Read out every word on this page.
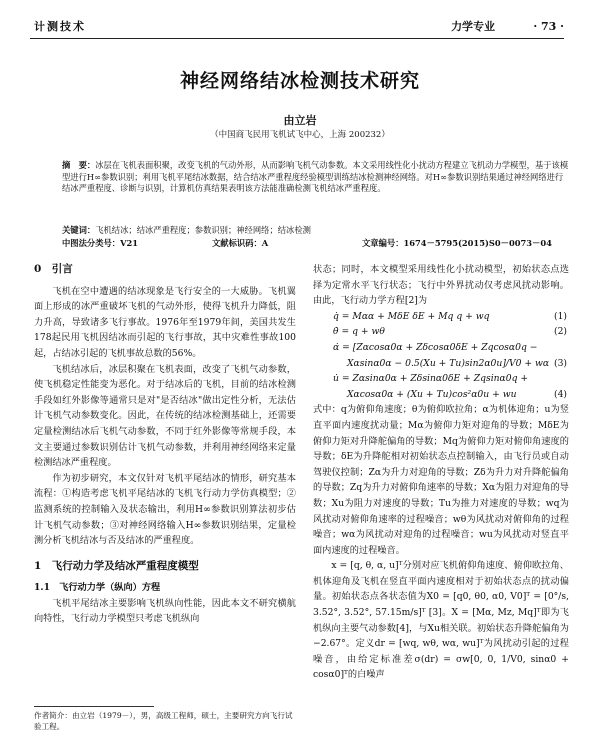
计测技术	力学专业	· 73 ·
神经网络结冰检测技术研究
由立岩
（中国商飞民用飞机试飞中心，上海 200232）
摘　要：冰层在飞机表面积聚，改变飞机的气动外形，从而影响飞机气动参数。本文采用线性化小扰动方程建立飞机动力学模型，基于该模型进行H∞参数识别；利用飞机平尾结冰数据，结合结冰严重程度经验模型训练结冰检测神经网络。对H∞参数识别结果通过神经网络进行结冰严重程度、诊断与识别，计算机仿真结果表明该方法能准确检测飞机结冰严重程度。
关键词：飞机结冰；结冰严重程度；参数识别；神经网络；结冰检测
中图法分类号：V21	文献标识码：A	文章编号：1674－5795(2015)S0－0073－04
0　引言

飞机在空中遭遇的结冰现象是飞行安全的一大威胁。飞机翼面上形成的冰严重破坏飞机的气动外形，使得飞机升力降低，阻力升高，导致诸多飞行事故。1976年至1979年间，美国共发生178起民用飞机因结冰而引起的飞行事故，其中灾难性事故100起，占结冰引起的飞机事故总数的56%。

飞机结冰后，冰层积聚在飞机表面，改变了飞机气动参数，使飞机稳定性能变为恶化。对于结冰后的飞机，目前的结冰检测手段如红外影像等通常只是对"是否结冰"做出定性分析，无法估计飞机气动参数变化。因此，在传统的结冰检测基础上，还需要定量检测结冰后飞机气动参数，不同于红外影像等常规手段，本文主要通过参数识别估计飞机气动参数，并利用神经网络来定量检测结冰严重程度。

作为初步研究，本文仅针对飞机平尾结冰的情形，研究基本流程：①构造考虑飞机平尾结冰的飞机飞行动力学仿真模型；②监测系统的控制输入及状态输出，利用H∞参数识别算法初步估计飞机气动参数；③对神经网络输入H∞参数识别结果，定量检测分析飞机结冰与否及结冰的严重程度。

1　飞行动力学及结冰严重程度模型
1.1　飞行动力学（纵向）方程

飞机平尾结冰主要影响飞机纵向性能，因此本文不研究横航向特性，飞行动力学模型只考虑飞机纵向

状态；同时，本文模型采用线性化小扰动模型，初始状态点选择为定常水平飞行状态；飞行中外界扰动仅考虑风扰动影响。由此，飞行动力学方程[2]为

q̇ = Mαα + MδE δE + Mq q + wq	(1)
θ̇ = q + wθ	(2)
α̇ = [Zαcosα0α + Zδcosα0δE + Zqcosα0q −
Xαsinα0α − 0.5(Xu + Tu)sin2α0u]/V0 + wα (3)
u̇ = Zαsinα0α + Zδsinα0δE + Zqsinα0q +
Xαcosα0α + (Xu + Tu)cos²α0u + wu	(4)

式中：q为俯仰角速度；θ为俯仰欧拉角；α为机体迎角；u为竖直平面内速度扰动量；Mα为俯仰力矩对迎角的导数；MδE为俯仰力矩对升降舵偏角的导数；Mq为俯仰力矩对俯仰角速度的导数；δE为升降舵相对初始状态点控制输入，由飞行员或自动驾驶仪控制；Zα为升力对迎角的导数；Zδ为升力对升降舵偏角的导数；Zq为升力对俯仰角速率的导数；Xα为阻力对迎角的导数；Xu为阻力对速度的导数；Tu为推力对速度的导数；wq为风扰动对俯仰角速率的过程噪音；wθ为风扰动对俯仰角的过程噪音；wα为风扰动对迎角的过程噪音；wu为风扰动对竖直平面内速度的过程噪音。

x = [q, θ, α, u]ᵀ分别对应飞机俯仰角速度、俯仰欧拉角、机体迎角及飞机在竖直平面内速度相对于初始状态点的扰动偏量。初始状态点各状态值为X0 = [q0, θ0, α0, V0]ᵀ = [0°/s, 3.52°, 3.52°, 57.15m/s]ᵀ [3]。X = [Mα, Mz, Mq]ᵀ即为飞机纵向主要气动参数[4]，与Xu相关联。初始状态升降舵偏角为 −2.67°。定义dr = [wq, wθ, wα, wu]ᵀ为风扰动引起的过程噪音，由给定标准差σ(dr) = σw[0, 0, 1/V0, sinα0 + cosα0]ᵀ的白噪声

作者简介：由立岩（1979－），男，高级工程师，硕士，主要研究方向飞行试验工程。
